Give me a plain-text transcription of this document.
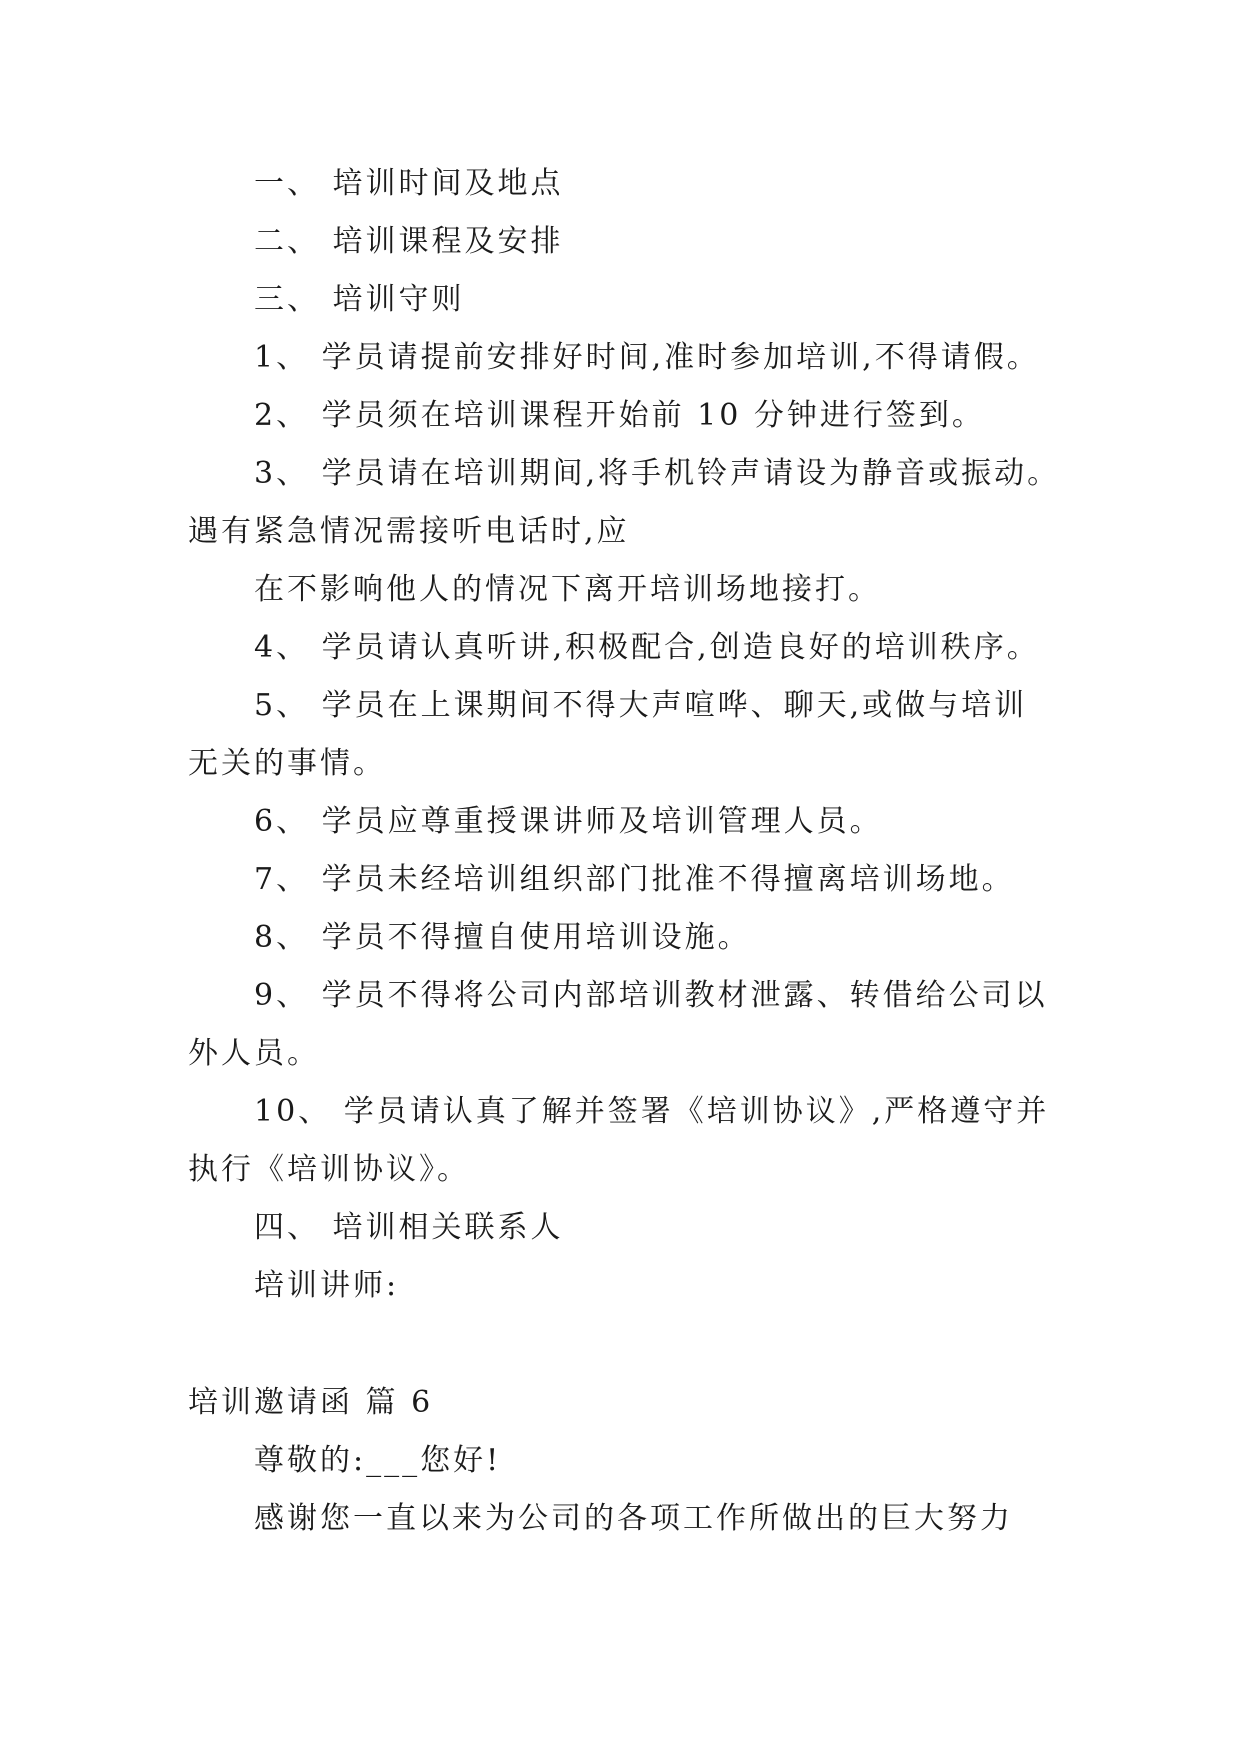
一、 培训时间及地点
二、 培训课程及安排
三、 培训守则
1、 学员请提前安排好时间,准时参加培训,不得请假。
2、 学员须在培训课程开始前 10 分钟进行签到。
3、 学员请在培训期间,将手机铃声请设为静音或振动。
遇有紧急情况需接听电话时,应
在不影响他人的情况下离开培训场地接打。
4、 学员请认真听讲,积极配合,创造良好的培训秩序。
5、 学员在上课期间不得大声喧哗、聊天,或做与培训
无关的事情。
6、 学员应尊重授课讲师及培训管理人员。
7、 学员未经培训组织部门批准不得擅离培训场地。
8、 学员不得擅自使用培训设施。
9、 学员不得将公司内部培训教材泄露、转借给公司以
外人员。
10、 学员请认真了解并签署《培训协议》,严格遵守并
执行《培训协议》。
四、 培训相关联系人
培训讲师:
培训邀请函 篇 6
尊敬的:___您好!
感谢您一直以来为公司的各项工作所做出的巨大努力
